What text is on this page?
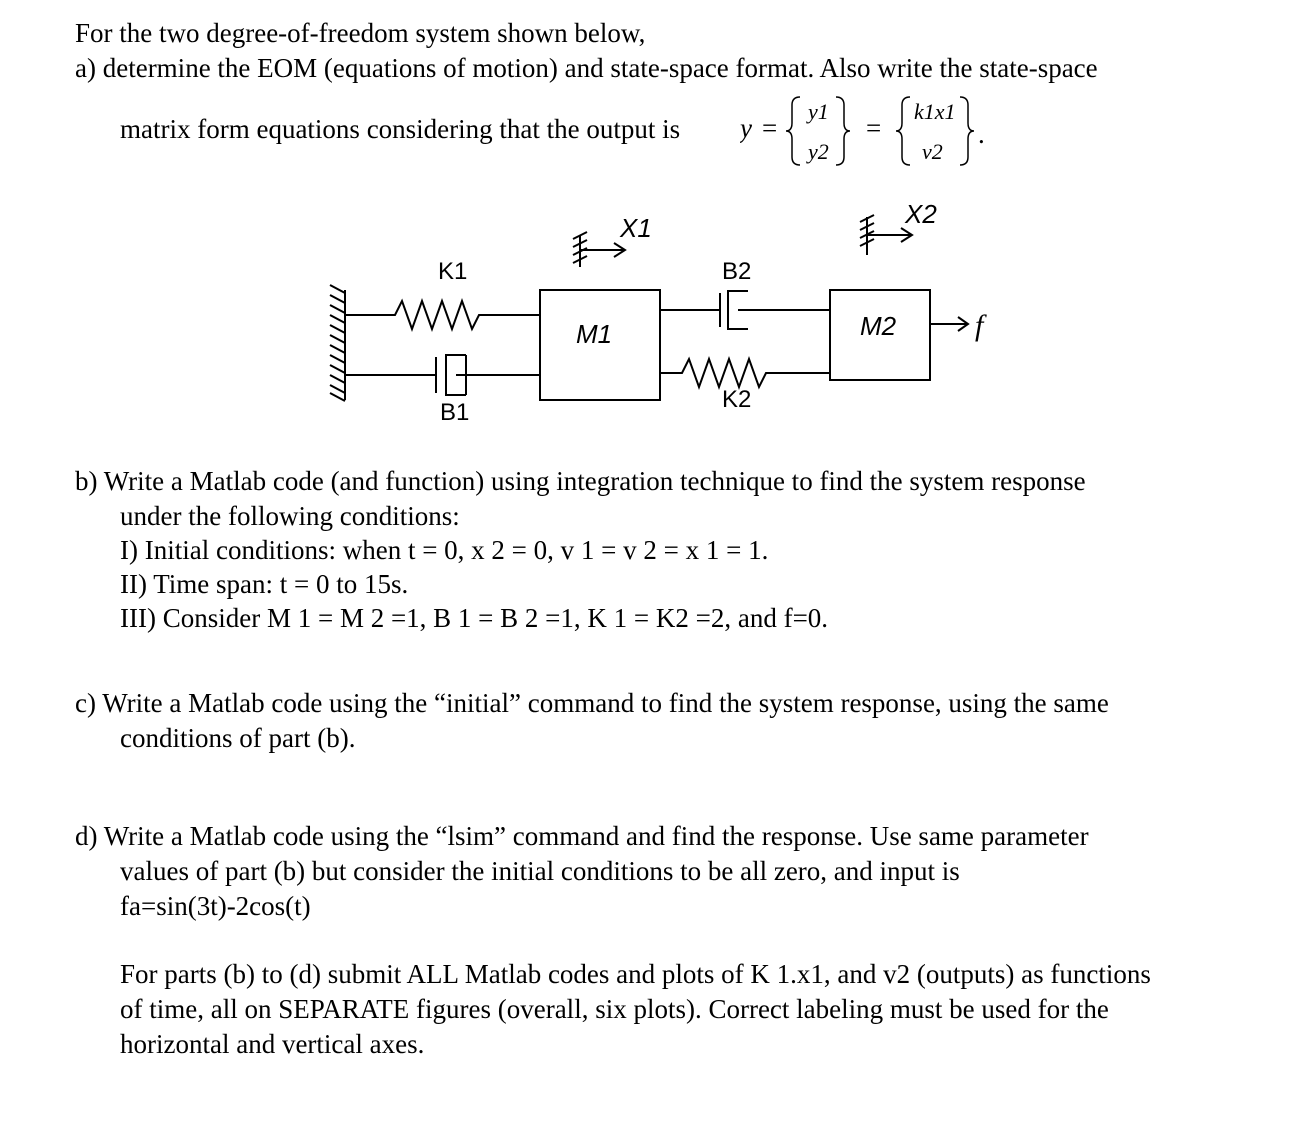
For the two degree-of-freedom system shown below,
a) determine the EOM (equations of motion) and state-space format. Also write the state-space
matrix form equations considering that the output is y =
y1
y2
=
k1x1
v2
.
X1	X2
K1
B1
B2
K2
M1	M2	f
b) Write a Matlab code (and function) using integration technique to find the system response
under the following conditions:
I) Initial conditions: when t = 0, x 2 = 0, v 1 = v 2 = x 1 = 1.
II) Time span: t = 0 to 15s.
III) Consider M 1 = M 2 =1, B 1 = B 2 =1, K 1 = K2 =2, and f=0.
c) Write a Matlab code using the “initial” command to find the system response, using the same
conditions of part (b).
d) Write a Matlab code using the “lsim” command and find the response. Use same parameter
values of part (b) but consider the initial conditions to be all zero, and input is
fa=sin(3t)-2cos(t)
For parts (b) to (d) submit ALL Matlab codes and plots of K 1.x1, and v2 (outputs) as functions
of time, all on SEPARATE figures (overall, six plots). Correct labeling must be used for the
horizontal and vertical axes.
